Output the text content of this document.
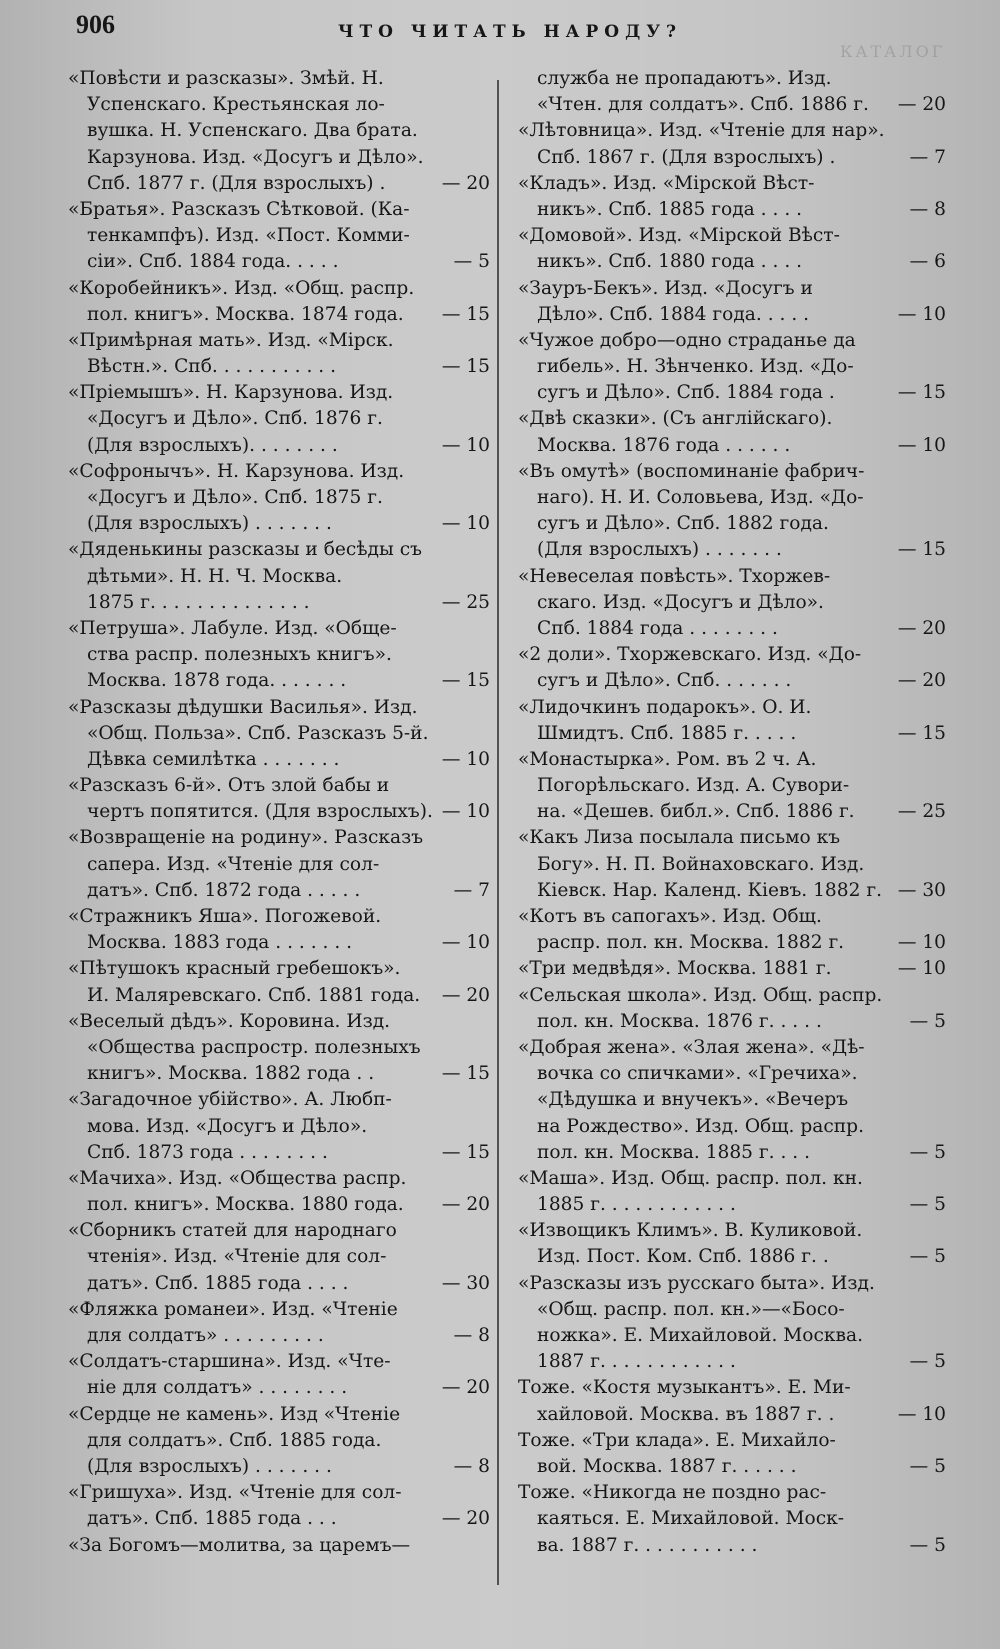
906	ЧТО ЧИТАТЬ НАРОДУ?
КАТАЛОГ
«Повѣсти и разсказы». Змѣй. Н.
Успенскаго. Крестьянская ло-
вушка. Н. Успенскаго. Два брата.
Карзунова. Изд. «Досугъ и Дѣло».
Спб. 1877 г. (Для взрослыхъ) .	— 20
«Братья». Разсказъ Сѣтковой. (Ка-
тенкампфъ). Изд. «Пост. Комми-
сіи». Спб. 1884 года. . . . .	— 5
«Коробейникъ». Изд. «Общ. распр.
пол. книгъ». Москва. 1874 года. — 15
«Примѣрная мать». Изд. «Мірск.
Вѣстн.». Спб. . . . . . . . . . .	— 15
«Пріемышъ». Н. Карзунова. Изд.
«Досугъ и Дѣло». Спб. 1876 г.
(Для взрослыхъ). . . . . . . .	— 10
«Софронычъ». Н. Карзунова. Изд.
«Досугъ и Дѣло». Спб. 1875 г.
(Для взрослыхъ) . . . . . . .	— 10
«Дяденькины разсказы и бесѣды съ
дѣтьми». Н. Н. Ч. Москва.
1875 г. . . . . . . . . . . . . .	— 25
«Петруша». Лабуле. Изд. «Обще-
ства распр. полезныхъ книгъ».
Москва. 1878 года. . . . . . .	— 15
«Разсказы дѣдушки Василья». Изд.
«Общ. Польза». Спб. Разсказъ 5-й.
Дѣвка семилѣтка . . . . . . .	— 10
«Разсказъ 6-й». Отъ злой бабы и
чертъ попятится. (Для взрослыхъ). — 10
«Возвращеніе на родину». Разсказъ
сапера. Изд. «Чтеніе для сол-
датъ». Спб. 1872 года . . . . .	— 7
«Стражникъ Яша». Погожевой.
Москва. 1883 года . . . . . . .	— 10
«Пѣтушокъ красный гребешокъ».
И. Маляревскаго. Спб. 1881 года. — 20
«Веселый дѣдъ». Коровина. Изд.
«Общества распростр. полезныхъ
книгъ». Москва. 1882 года . .	— 15
«Загадочное убійство». А. Любп-
мова. Изд. «Досугъ и Дѣло».
Спб. 1873 года . . . . . . . .	— 15
«Мачиха». Изд. «Общества распр.
пол. книгъ». Москва. 1880 года. — 20
«Сборникъ статей для народнаго
чтенія». Изд. «Чтеніе для сол-
датъ». Спб. 1885 года . . . .	— 30
«Фляжка романеи». Изд. «Чтеніе
для солдатъ» . . . . . . . . .	— 8
«Солдатъ-старшина». Изд. «Чте-
ніе для солдатъ» . . . . . . . .	— 20
«Сердце не камень». Изд «Чтеніе
для солдатъ». Спб. 1885 года.
(Для взрослыхъ) . . . . . . .	— 8
«Гришуха». Изд. «Чтеніе для сол-
датъ». Спб. 1885 года . . .	— 20
«За Богомъ—молитва, за царемъ—
служба не пропадаютъ». Изд.
«Чтен. для солдатъ». Спб. 1886 г. — 20
«Лѣтовница». Изд. «Чтеніе для нар».
Спб. 1867 г. (Для взрослыхъ) .	— 7
«Кладъ». Изд. «Мірской Вѣст-
никъ». Спб. 1885 года . . . .	— 8
«Домовой». Изд. «Мірской Вѣст-
никъ». Спб. 1880 года . . . .	— 6
«Зауръ-Бекъ». Изд. «Досугъ и
Дѣло». Спб. 1884 года. . . . .	— 10
«Чужое добро—одно страданье да
гибель». Н. Зѣнченко. Изд. «До-
сугъ и Дѣло». Спб. 1884 года .	— 15
«Двѣ сказки». (Съ англійскаго).
Москва. 1876 года . . . . . .	— 10
«Въ омутѣ» (воспоминаніе фабрич-
наго). Н. И. Соловьева, Изд. «До-
сугъ и Дѣло». Спб. 1882 года.
(Для взрослыхъ) . . . . . . .	— 15
«Невеселая повѣсть». Тхоржев-
скаго. Изд. «Досугъ и Дѣло».
Спб. 1884 года . . . . . . . .	— 20
«2 доли». Тхоржевскаго. Изд. «До-
сугъ и Дѣло». Спб. . . . . . .	— 20
«Лидочкинъ подарокъ». О. И.
Шмидтъ. Спб. 1885 г. . . . .	— 15
«Монастырка». Ром. въ 2 ч. А.
Погорѣльскаго. Изд. А. Сувори-
на. «Дешев. библ.». Спб. 1886 г. — 25
«Какъ Лиза посылала письмо къ
Богу». Н. П. Войнаховскаго. Изд.
Кіевск. Нар. Календ. Кіевъ. 1882 г. — 30
«Котъ въ сапогахъ». Изд. Общ.
распр. пол. кн. Москва. 1882 г.	— 10
«Три медвѣдя». Москва. 1881 г.	— 10
«Сельская школа». Изд. Общ. распр.
пол. кн. Москва. 1876 г. . . . .	— 5
«Добрая жена». «Злая жена». «Дѣ-
вочка со спичками». «Гречиха».
«Дѣдушка и внучекъ». «Вечеръ
на Рождество». Изд. Общ. распр.
пол. кн. Москва. 1885 г. . . .	— 5
«Маша». Изд. Общ. распр. пол. кн.
1885 г. . . . . . . . . . . .	— 5
«Извощикъ Климъ». В. Куликовой.
Изд. Пост. Ком. Спб. 1886 г. .	— 5
«Разсказы изъ русскаго быта». Изд.
«Общ. распр. пол. кн.»—«Босо-
ножка». Е. Михайловой. Москва.
1887 г. . . . . . . . . . . .	— 5
Тоже. «Костя музыкантъ». Е. Ми-
хайловой. Москва. въ 1887 г. .	— 10
Тоже. «Три клада». Е. Михайло-
вой. Москва. 1887 г. . . . . .	— 5
Тоже. «Никогда не поздно рас-
каяться. Е. Михайловой. Моск-
ва. 1887 г. . . . . . . . . . .	— 5
